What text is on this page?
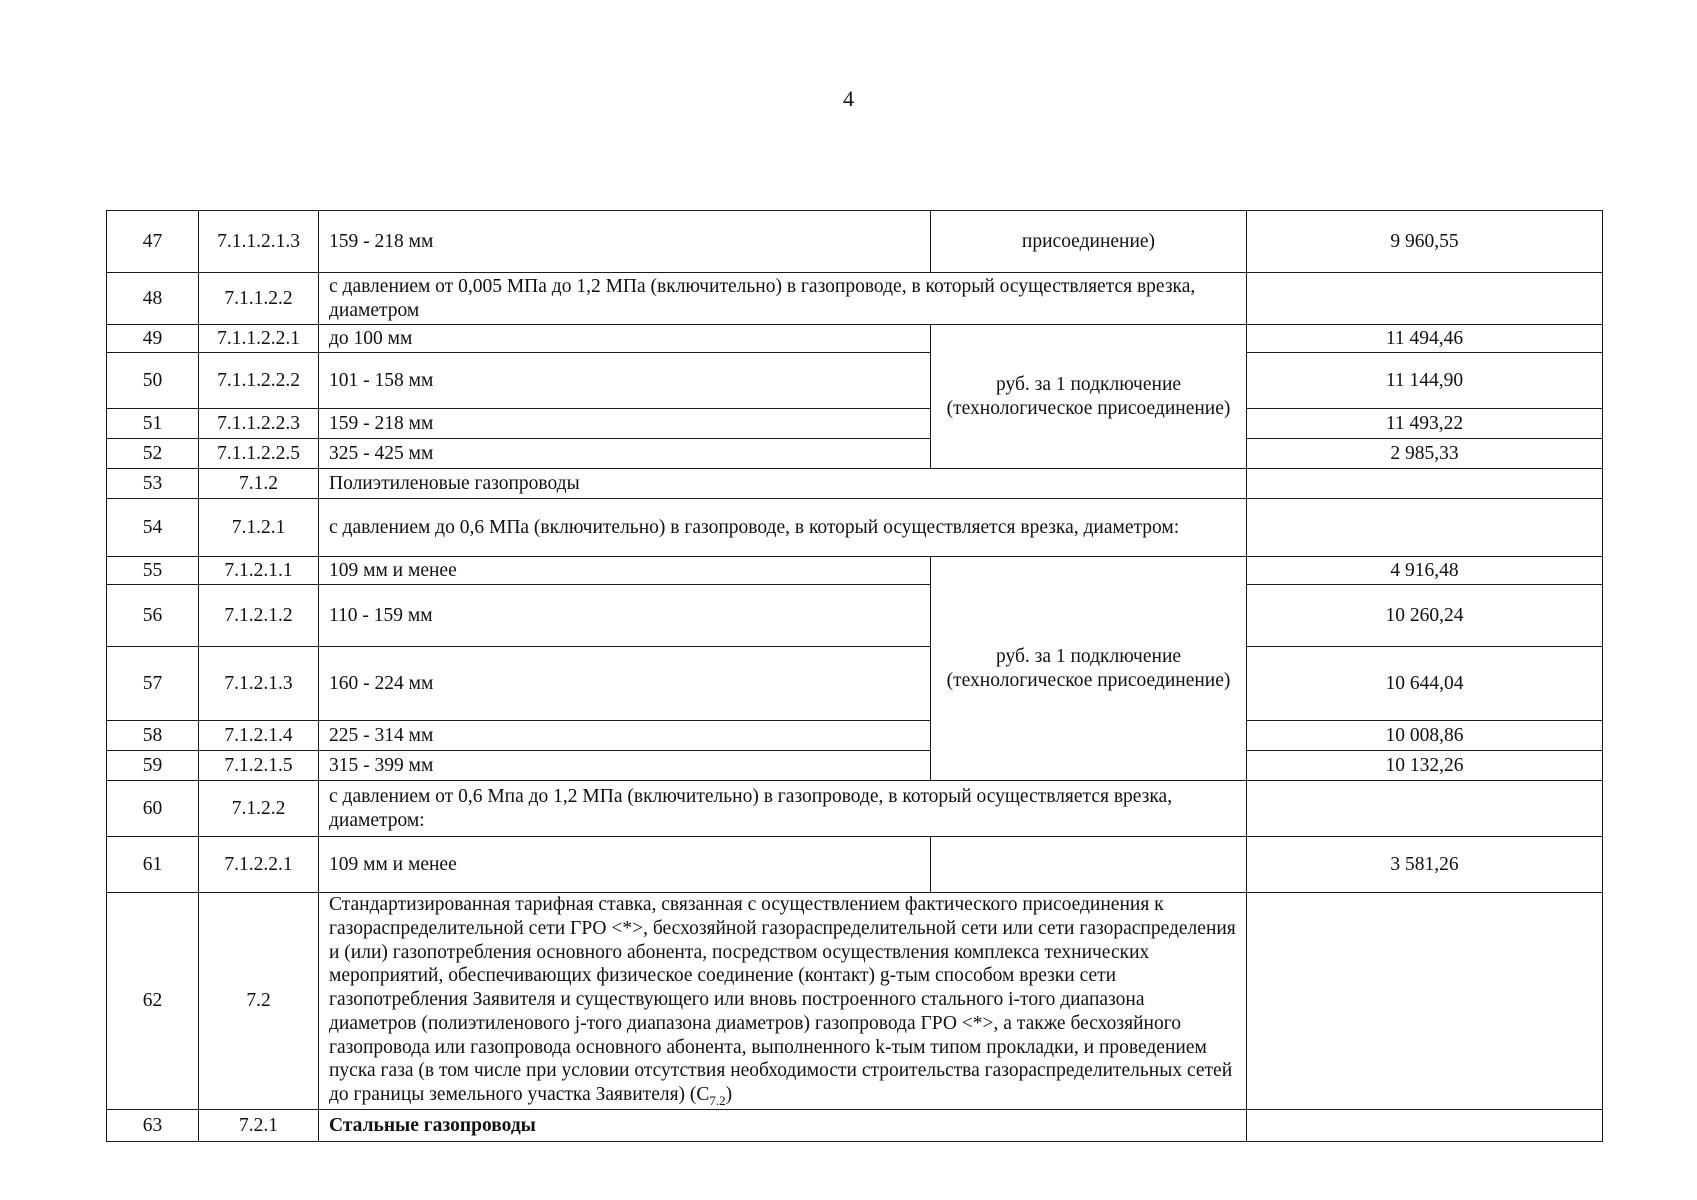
4
47	7.1.1.2.1.3	159 - 218 мм	присоединение)	9 960,55
48	7.1.1.2.2	с давлением от 0,005 МПа до 1,2 МПа (включительно) в газопроводе, в который осуществляется врезка, диаметром		
49	7.1.1.2.2.1	до 100 мм	руб. за 1 подключение (технологическое присоединение)	11 494,46
50	7.1.1.2.2.2	101 - 158 мм		11 144,90
51	7.1.1.2.2.3	159 - 218 мм		11 493,22
52	7.1.1.2.2.5	325 - 425 мм		2 985,33
53	7.1.2	Полиэтиленовые газопроводы		
54	7.1.2.1	с давлением до 0,6 МПа (включительно) в газопроводе, в который осуществляется врезка, диаметром:		
55	7.1.2.1.1	109 мм и менее	руб. за 1 подключение (технологическое присоединение)	4 916,48
56	7.1.2.1.2	110 - 159 мм		10 260,24
57	7.1.2.1.3	160 - 224 мм		10 644,04
58	7.1.2.1.4	225 - 314 мм		10 008,86
59	7.1.2.1.5	315 - 399 мм		10 132,26
60	7.1.2.2	с давлением от 0,6 Мпа до 1,2 МПа (включительно) в газопроводе, в который осуществляется врезка, диаметром:		
61	7.1.2.2.1	109 мм и менее		3 581,26
62	7.2	Стандартизированная тарифная ставка, связанная с осуществлением фактического присоединения к газораспределительной сети ГРО <*>, бесхозяйной газораспределительной сети или сети газораспределения и (или) газопотребления основного абонента, посредством осуществления комплекса технических мероприятий, обеспечивающих физическое соединение (контакт) g-тым способом врезки сети газопотребления Заявителя и существующего или вновь построенного стального i-того диапазона диаметров (полиэтиленового j-того диапазона диаметров) газопровода ГРО <*>, а также бесхозяйного газопровода или газопровода основного абонента, выполненного k-тым типом прокладки, и проведением пуска газа (в том числе при условии отсутствия необходимости строительства газораспределительных сетей до границы земельного участка Заявителя) $(C_{7.2})$		
63	7.2.1	Стальные газопроводы		
